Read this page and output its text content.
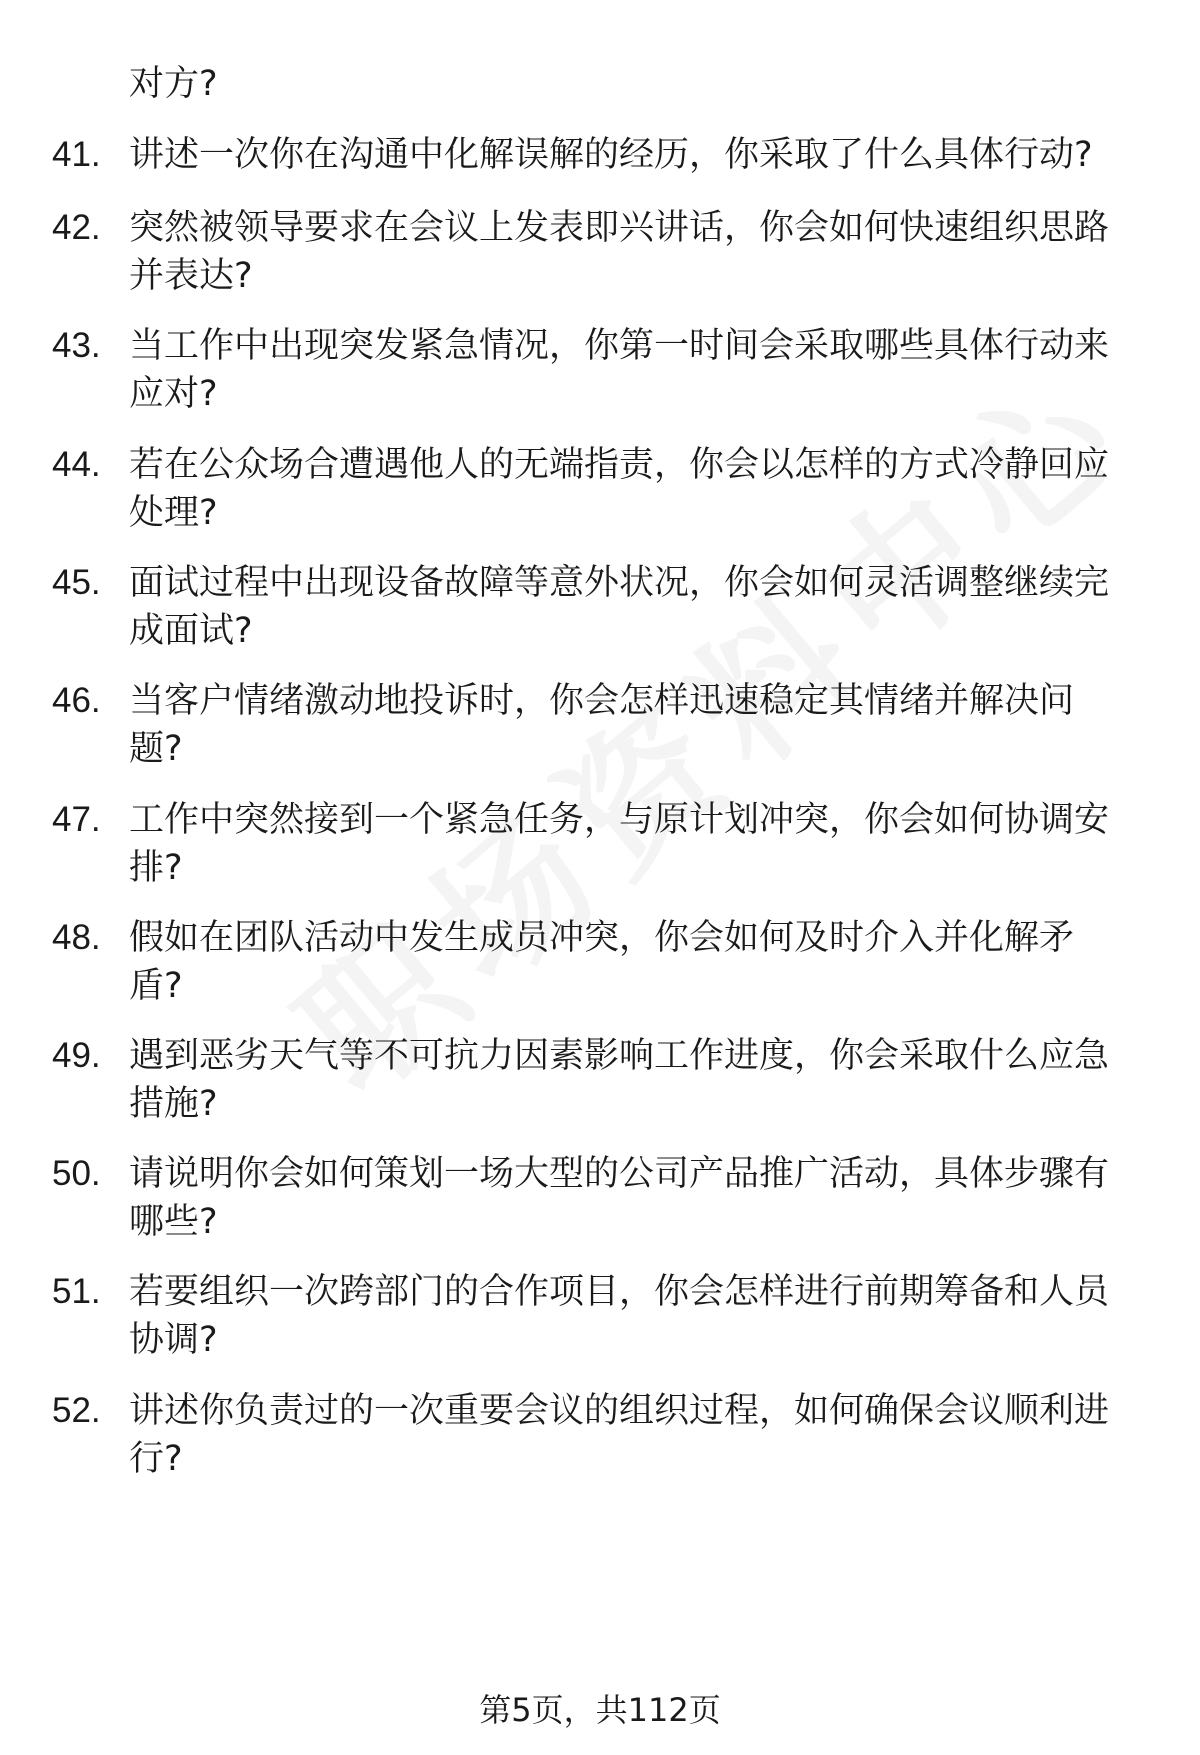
对方?
41. 讲述一次你在沟通中化解误解的经历，你采取了什么具体行动?
42. 突然被领导要求在会议上发表即兴讲话，你会如何快速组织思路
并表达?
43. 当工作中出现突发紧急情况，你第一时间会采取哪些具体行动来
应对?
44. 若在公众场合遭遇他人的无端指责，你会以怎样的方式冷静回应
处理?
45. 面试过程中出现设备故障等意外状况，你会如何灵活调整继续完
成面试?
46. 当客户情绪激动地投诉时，你会怎样迅速稳定其情绪并解决问
题?
47. 工作中突然接到一个紧急任务，与原计划冲突，你会如何协调安
排?
48. 假如在团队活动中发生成员冲突，你会如何及时介入并化解矛
盾?
49. 遇到恶劣天气等不可抗力因素影响工作进度，你会采取什么应急
措施?
50. 请说明你会如何策划一场大型的公司产品推广活动，具体步骤有
哪些?
51. 若要组织一次跨部门的合作项目，你会怎样进行前期筹备和人员
协调?
52. 讲述你负责过的一次重要会议的组织过程，如何确保会议顺利进
行?
第5页，共112页
